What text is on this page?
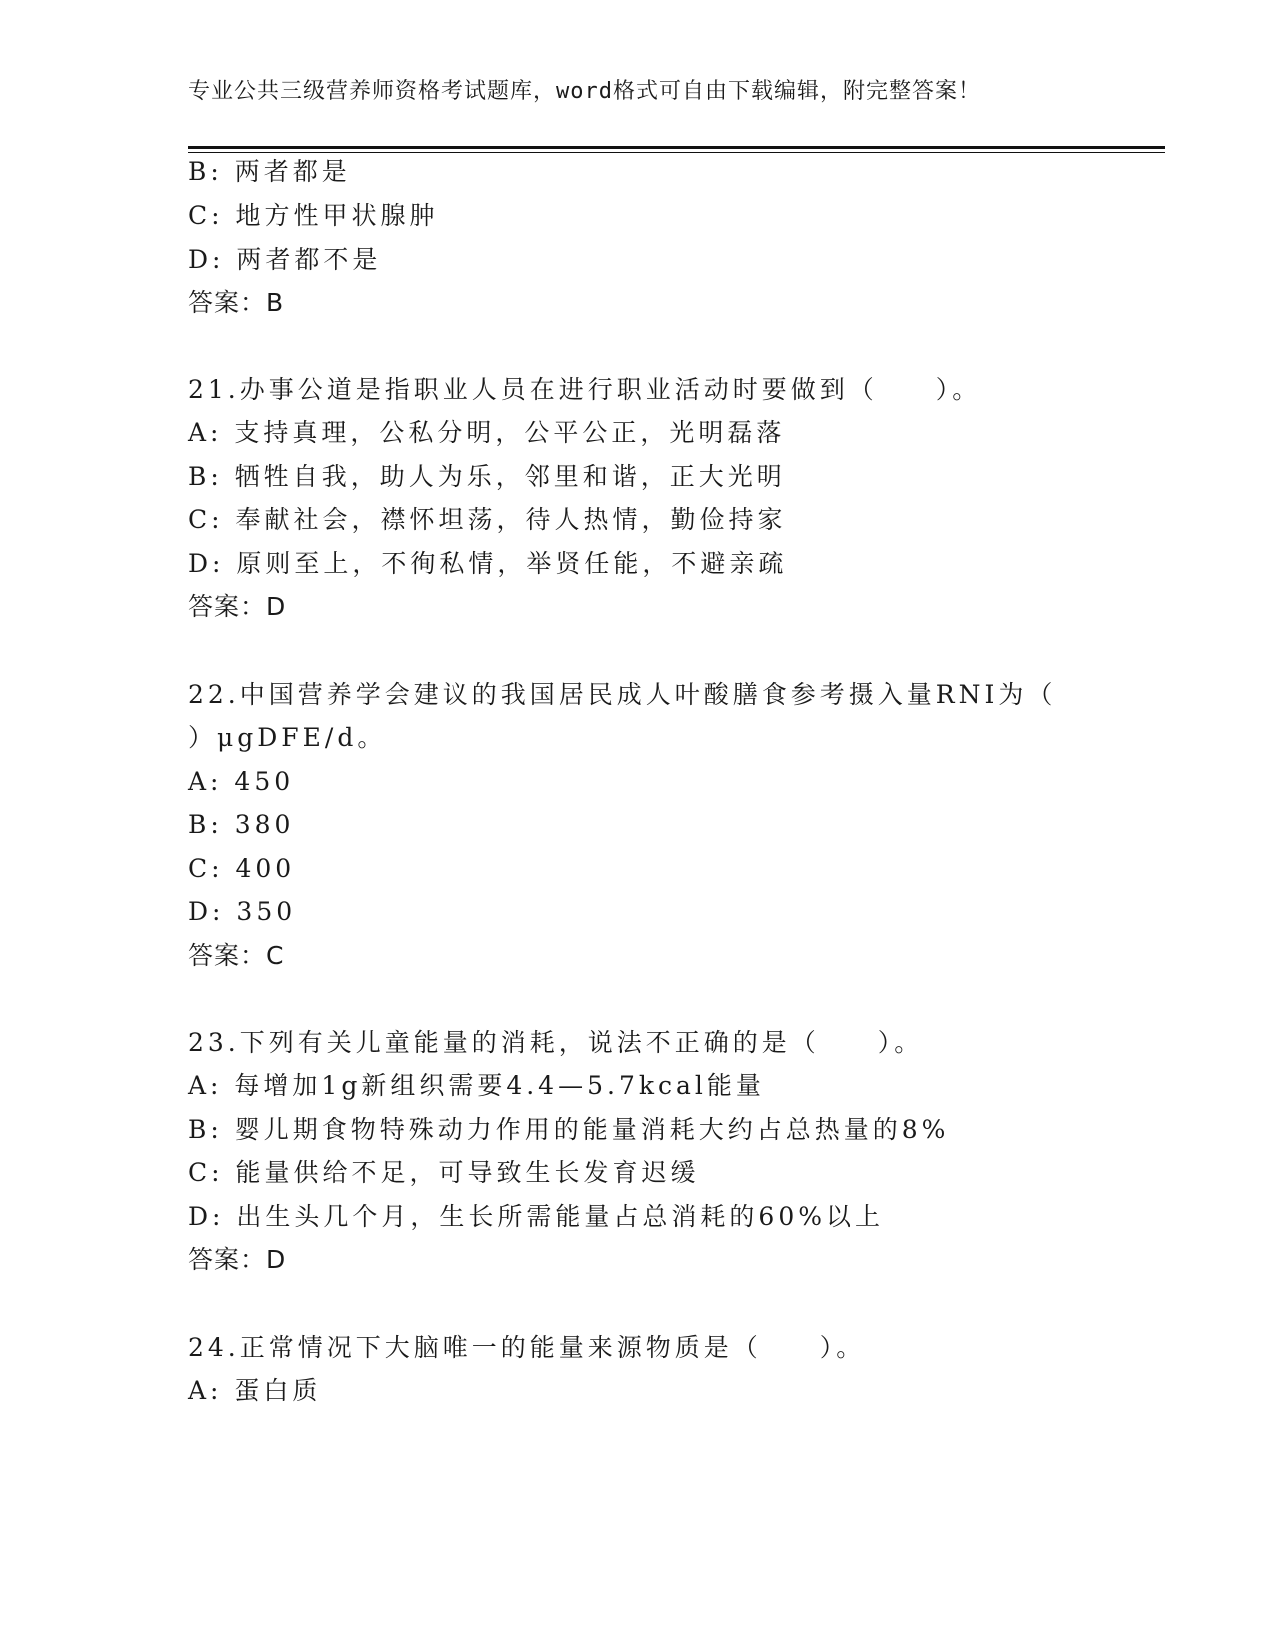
专业公共三级营养师资格考试题库，word格式可自由下载编辑，附完整答案！
B: 两者都是
C: 地方性甲状腺肿
D: 两者都不是
答案：B
21.办事公道是指职业人员在进行职业活动时要做到（　　）。
A: 支持真理，公私分明，公平公正，光明磊落
B: 牺牲自我，助人为乐，邻里和谐，正大光明
C: 奉献社会，襟怀坦荡，待人热情，勤俭持家
D: 原则至上，不徇私情，举贤任能，不避亲疏
答案：D
22.中国营养学会建议的我国居民成人叶酸膳食参考摄入量RNI为（
）μgDFE/d。
A: 450
B: 380
C: 400
D: 350
答案：C
23.下列有关儿童能量的消耗，说法不正确的是（　　）。
A: 每增加1g新组织需要4.4—5.7kcal能量
B: 婴儿期食物特殊动力作用的能量消耗大约占总热量的8%
C: 能量供给不足，可导致生长发育迟缓
D: 出生头几个月，生长所需能量占总消耗的60%以上
答案：D
24.正常情况下大脑唯一的能量来源物质是（　　）。
A: 蛋白质
